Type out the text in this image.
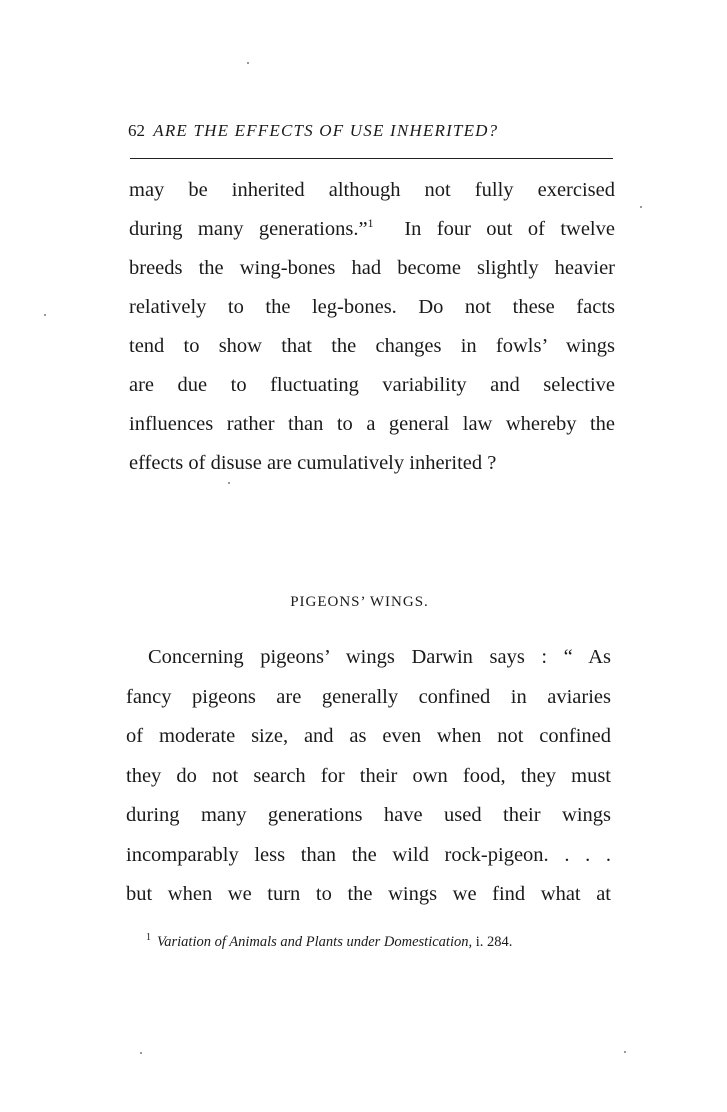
62 ARE THE EFFECTS OF USE INHERITED?
may be inherited although not fully exercised
during many generations.”$^1$ In four out of twelve
breeds the wing-bones had become slightly heavier
relatively to the leg-bones. Do not these facts
tend to show that the changes in fowls’ wings
are due to fluctuating variability and selective
influences rather than to a general law whereby the
effects of disuse are cumulatively inherited ?
PIGEONS’ WINGS.
Concerning pigeons’ wings Darwin says : “ As
fancy pigeons are generally confined in aviaries
of moderate size, and as even when not confined
they do not search for their own food, they must
during many generations have used their wings
incomparably less than the wild rock-pigeon. . . .
but when we turn to the wings we find what at
$^1$ Variation of Animals and Plants under Domestication, i. 284.
